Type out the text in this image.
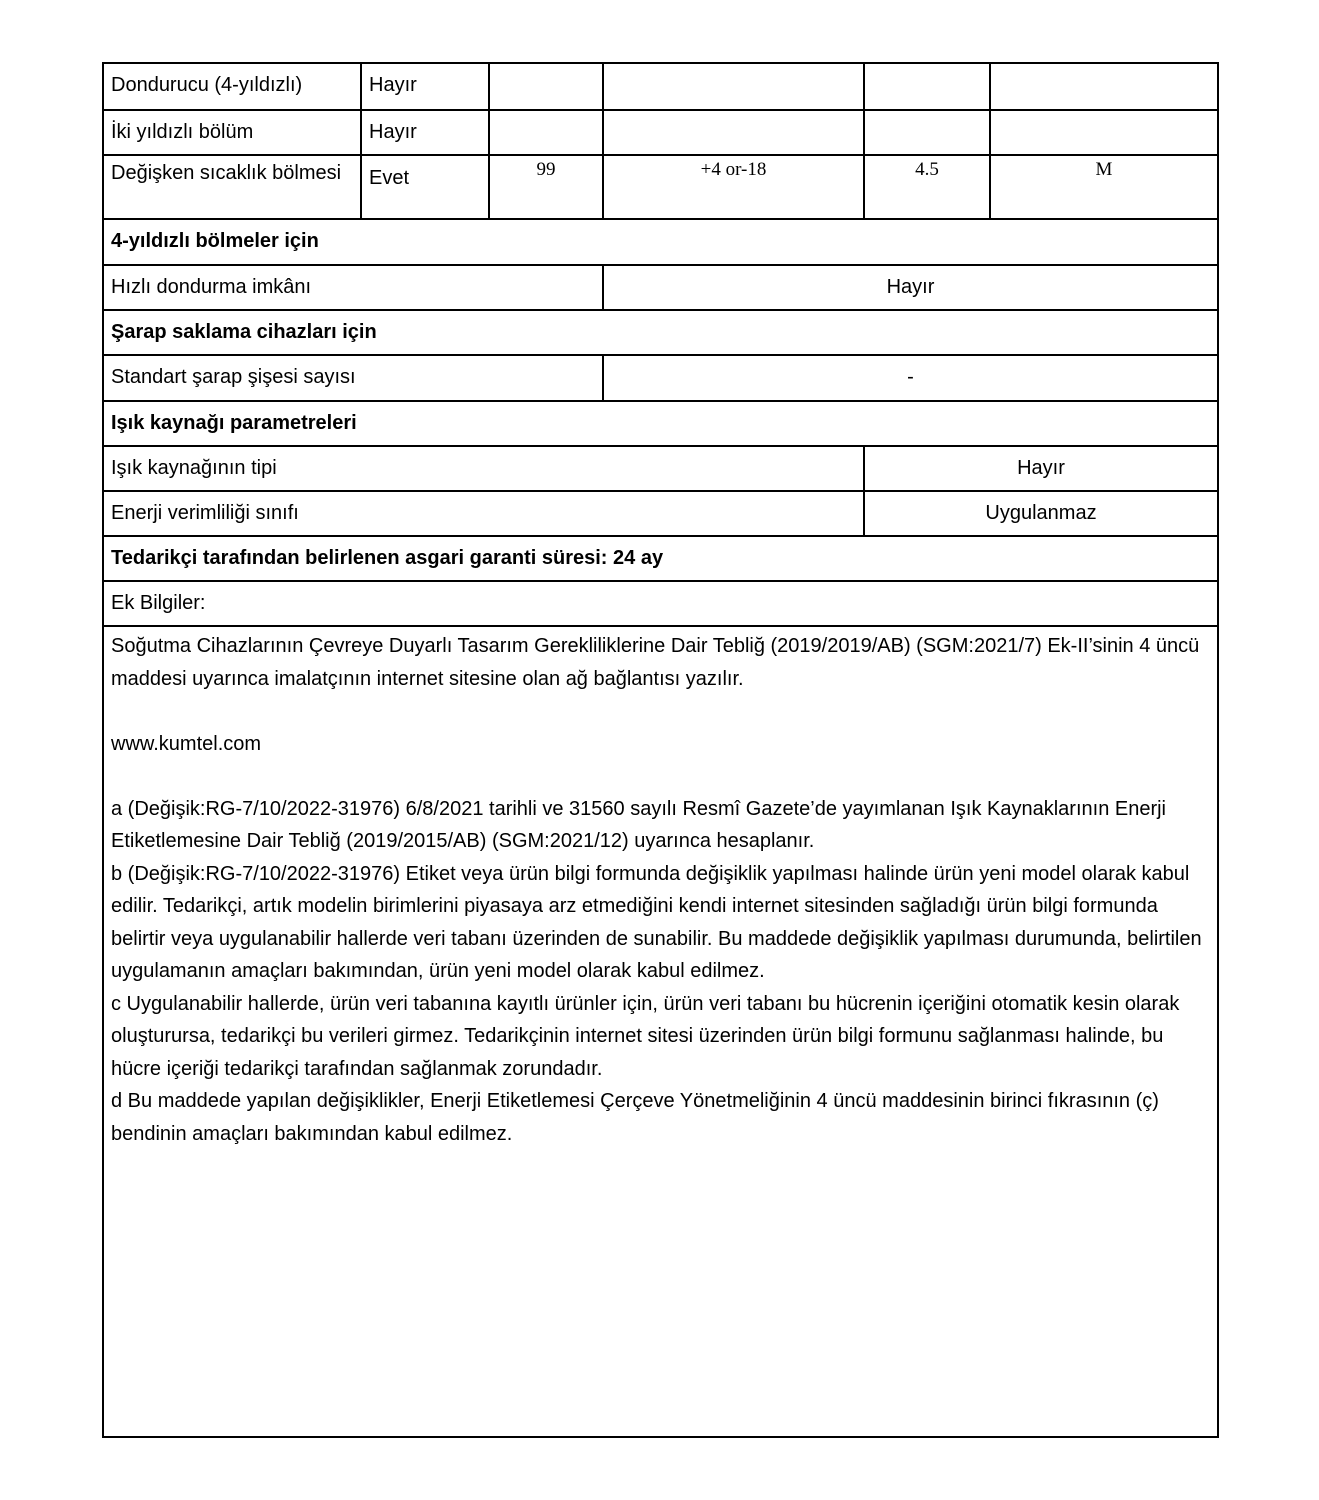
Dondurucu (4-yıldızlı)	Hayır
İki yıldızlı bölüm	Hayır
Değişken sıcaklık bölmesi	Evet	99	+4 or-18	4.5	M
4-yıldızlı bölmeler için
Hızlı dondurma imkânı	Hayır
Şarap saklama cihazları için
Standart şarap şişesi sayısı	-
Işık kaynağı parametreleri
Işık kaynağının tipi	Hayır
Enerji verimliliği sınıfı	Uygulanmaz
Tedarikçi tarafından belirlenen asgari garanti süresi: 24 ay
Ek Bilgiler:

Soğutma Cihazlarının Çevreye Duyarlı Tasarım Gerekliliklerine Dair Tebliğ (2019/2019/AB) (SGM:2021/7) Ek-II’sinin 4 üncü maddesi uyarınca imalatçının internet sitesine olan ağ bağlantısı yazılır.

www.kumtel.com

a (Değişik:RG-7/10/2022-31976) 6/8/2021 tarihli ve 31560 sayılı Resmî Gazete’de yayımlanan Işık Kaynaklarının Enerji Etiketlemesine Dair Tebliğ (2019/2015/AB) (SGM:2021/12) uyarınca hesaplanır.

b (Değişik:RG-7/10/2022-31976) Etiket veya ürün bilgi formunda değişiklik yapılması halinde ürün yeni model olarak kabul edilir. Tedarikçi, artık modelin birimlerini piyasaya arz etmediğini kendi internet sitesinden sağladığı ürün bilgi formunda belirtir veya uygulanabilir hallerde veri tabanı üzerinden de sunabilir. Bu maddede değişiklik yapılması durumunda, belirtilen uygulamanın amaçları bakımından, ürün yeni model olarak kabul edilmez.

c Uygulanabilir hallerde, ürün veri tabanına kayıtlı ürünler için, ürün veri tabanı bu hücrenin içeriğini otomatik kesin olarak oluşturursa, tedarikçi bu verileri girmez. Tedarikçinin internet sitesi üzerinden ürün bilgi formunu sağlanması halinde, bu hücre içeriği tedarikçi tarafından sağlanmak zorundadır.

d Bu maddede yapılan değişiklikler, Enerji Etiketlemesi Çerçeve Yönetmeliğinin 4 üncü maddesinin birinci fıkrasının (ç) bendinin amaçları bakımından kabul edilmez.
